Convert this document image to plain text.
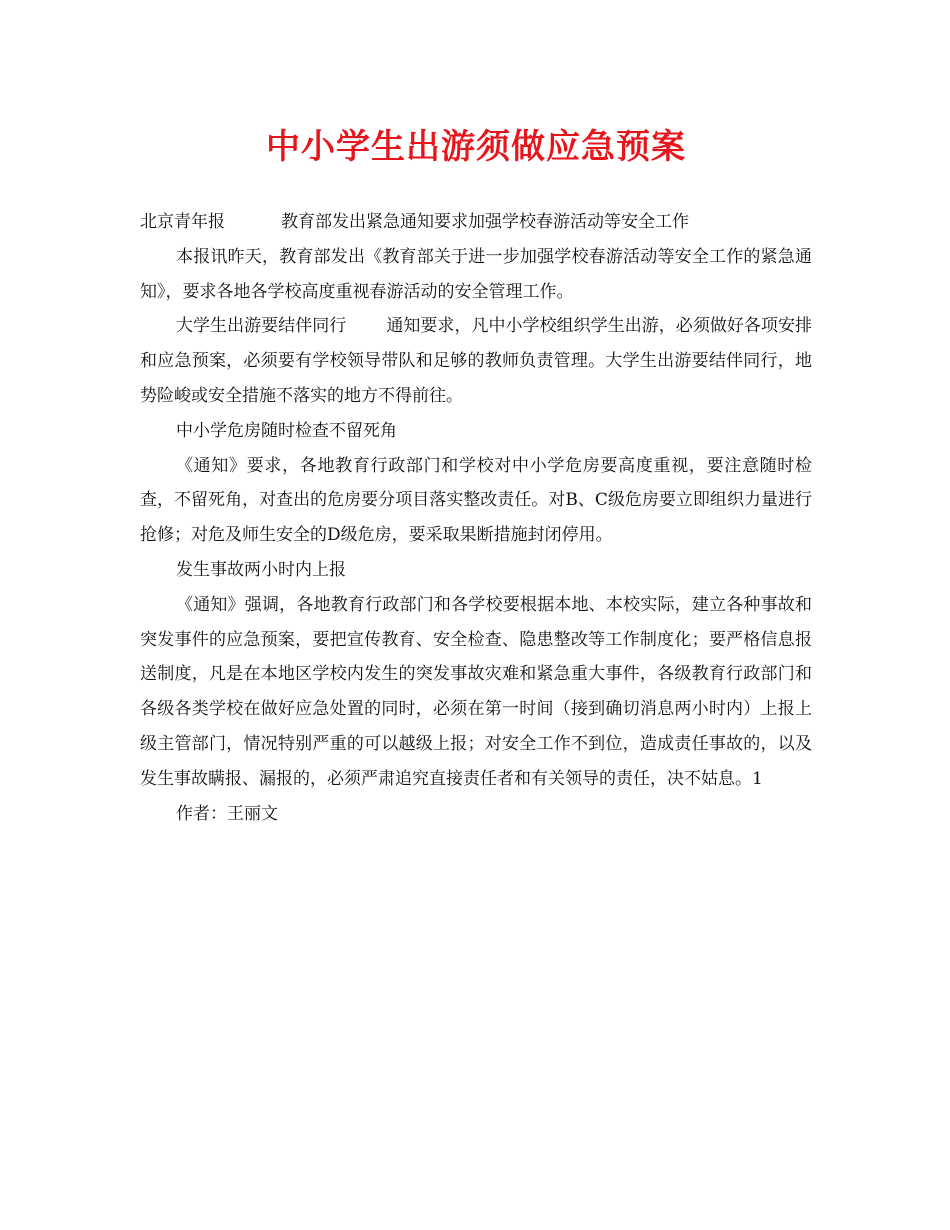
中小学生出游须做应急预案
北京青年报	教育部发出紧急通知要求加强学校春游活动等安全工作
本报讯昨天，教育部发出《教育部关于进一步加强学校春游活动等安全工作的紧急通知》，要求各地各学校高度重视春游活动的安全管理工作。
大学生出游要结伴同行 通知要求，凡中小学校组织学生出游，必须做好各项安排和应急预案，必须要有学校领导带队和足够的教师负责管理。大学生出游要结伴同行，地势险峻或安全措施不落实的地方不得前往。
中小学危房随时检查不留死角
《通知》要求，各地教育行政部门和学校对中小学危房要高度重视，要注意随时检查，不留死角，对查出的危房要分项目落实整改责任。对B、C级危房要立即组织力量进行抢修；对危及师生安全的D级危房，要采取果断措施封闭停用。
发生事故两小时内上报
《通知》强调，各地教育行政部门和各学校要根据本地、本校实际，建立各种事故和突发事件的应急预案，要把宣传教育、安全检查、隐患整改等工作制度化；要严格信息报送制度，凡是在本地区学校内发生的突发事故灾难和紧急重大事件，各级教育行政部门和各级各类学校在做好应急处置的同时，必须在第一时间（接到确切消息两小时内）上报上级主管部门，情况特别严重的可以越级上报；对安全工作不到位，造成责任事故的，以及发生事故瞒报、漏报的，必须严肃追究直接责任者和有关领导的责任，决不姑息。1
作者：王丽文
